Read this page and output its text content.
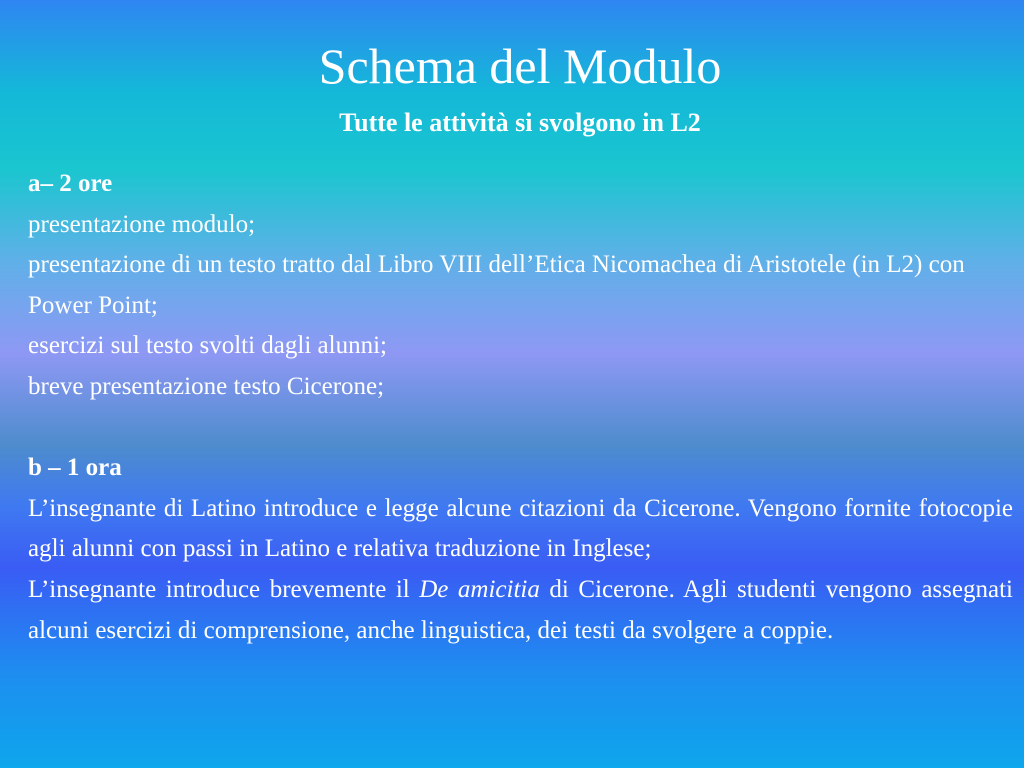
Schema del Modulo
Tutte le attività si svolgono in L2

a– 2 ore

presentazione modulo;

presentazione di un testo tratto dal Libro VIII dell’Etica Nicomachea di Aristotele (in L2) con Power Point;

esercizi sul testo svolti dagli alunni;

breve presentazione testo Cicerone;

b – 1 ora

L’insegnante di Latino introduce e legge alcune citazioni da Cicerone. Vengono fornite fotocopie agli alunni con passi in Latino e relativa traduzione in Inglese;

L’insegnante introduce brevemente il De amicitia di Cicerone. Agli studenti vengono assegnati alcuni esercizi di comprensione, anche linguistica, dei testi da svolgere a coppie.
